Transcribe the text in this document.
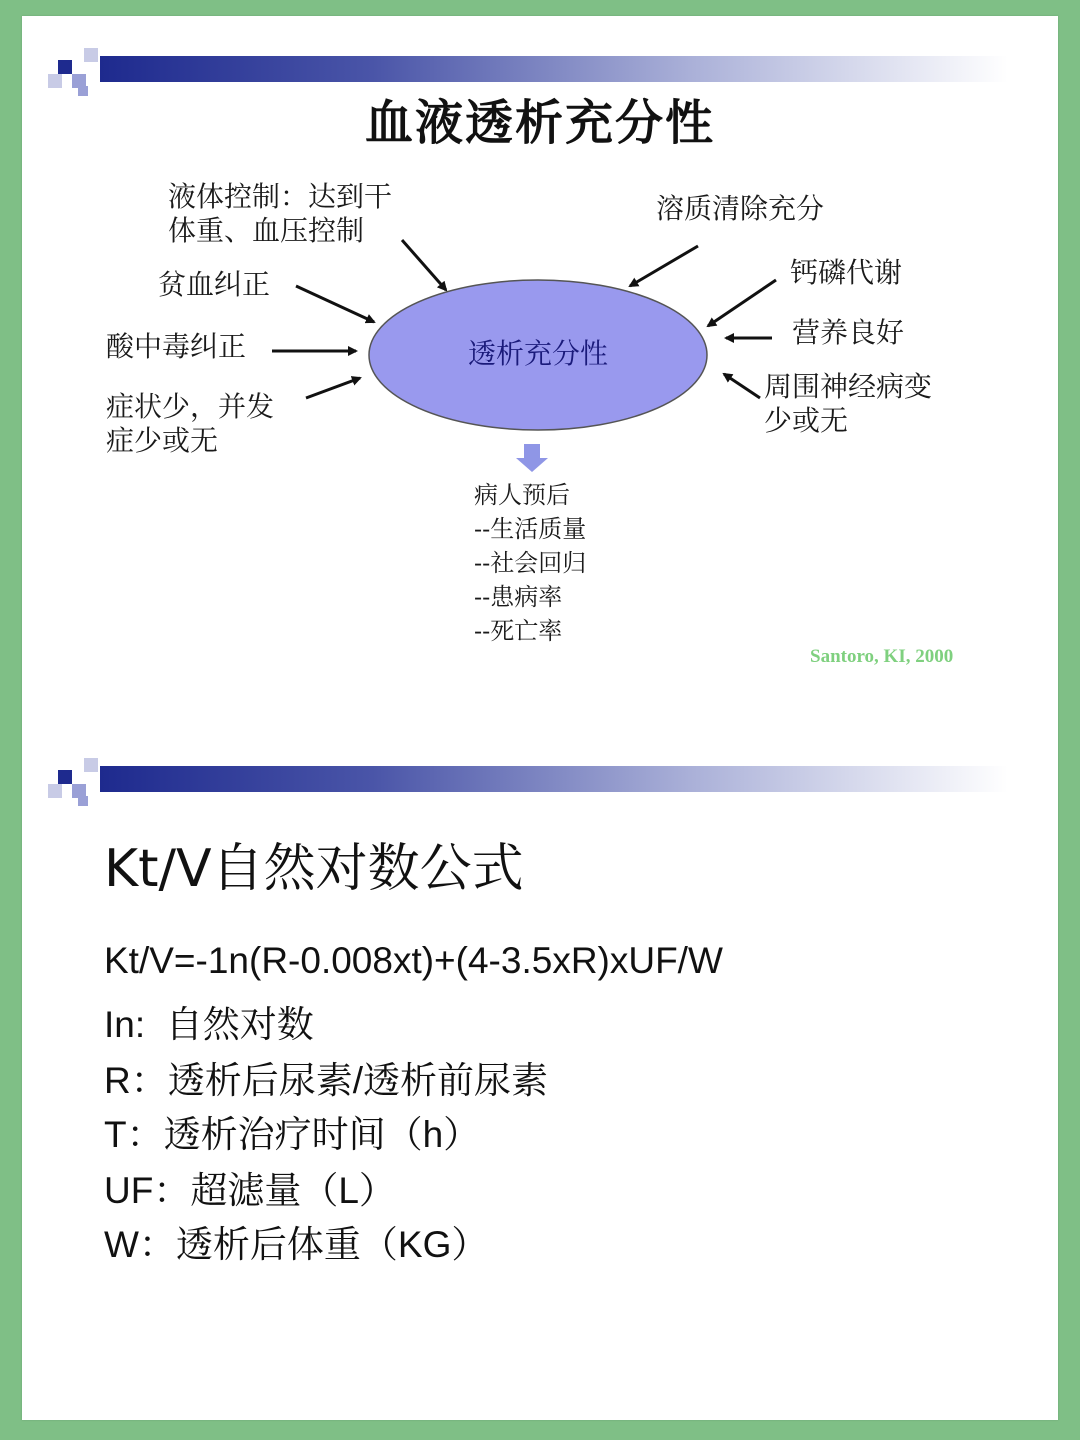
血液透析充分性
透析充分性
液体控制：达到干
体重、血压控制
贫血纠正
酸中毒纠正
症状少，并发
症少或无
溶质清除充分
钙磷代谢
营养良好
周围神经病变
少或无
病人预后
--生活质量
--社会回归
--患病率
--死亡率
Santoro, KI, 2000
Kt/V自然对数公式
Kt/V=-1n(R-0.008xt)+(4-3.5xR)xUF/W
In:  自然对数
R：透析后尿素/透析前尿素
T：透析治疗时间（h）
UF：超滤量（L）
W：透析后体重（KG）
